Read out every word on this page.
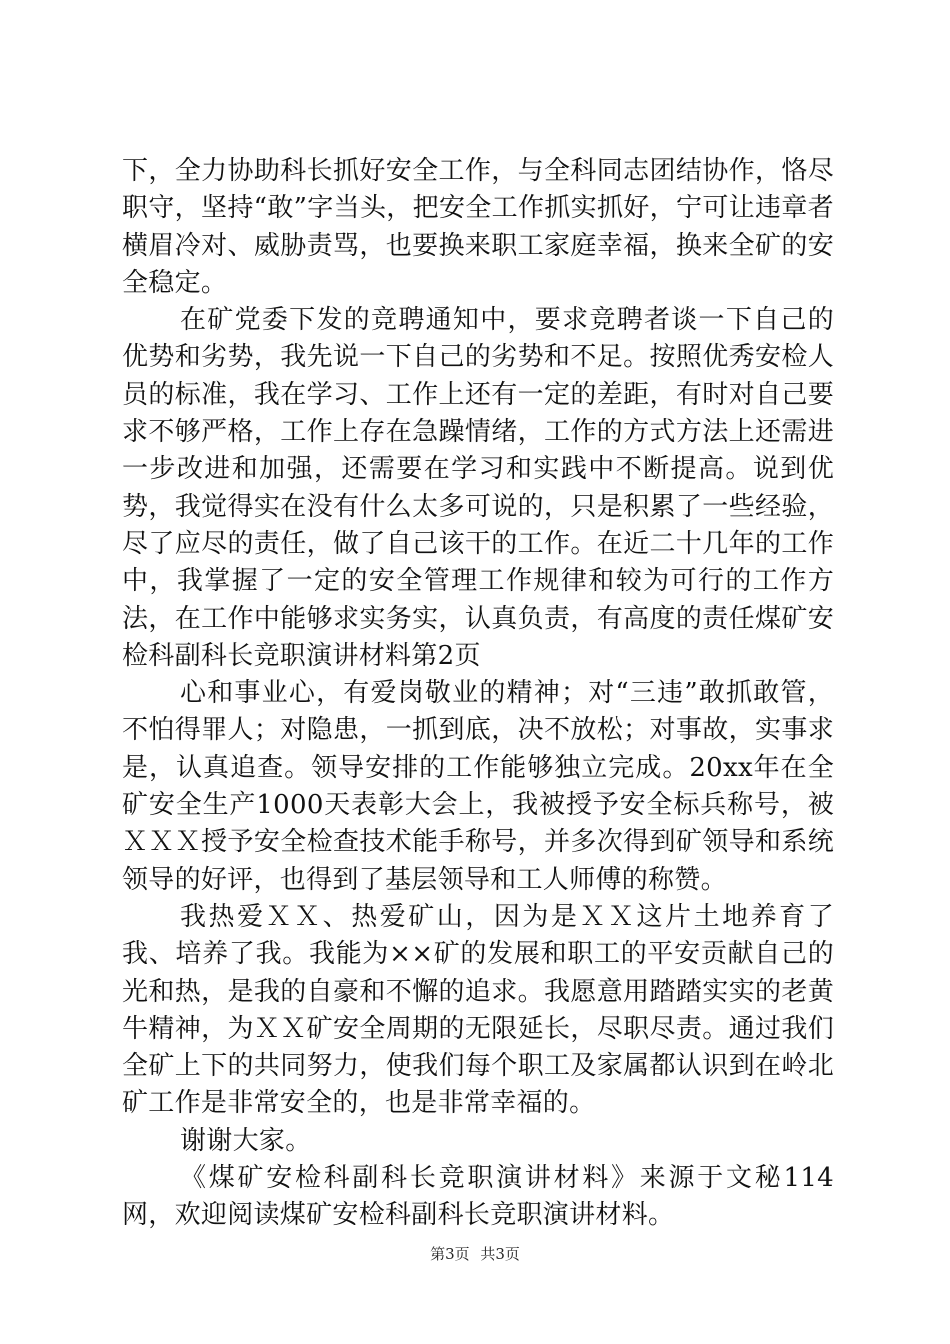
下，全力协助科长抓好安全工作，与全科同志团结协作，恪尽职守，坚持“敢”字当头，把安全工作抓实抓好，宁可让违章者横眉冷对、威胁责骂，也要换来职工家庭幸福，换来全矿的安全稳定。

在矿党委下发的竞聘通知中，要求竞聘者谈一下自己的优势和劣势，我先说一下自己的劣势和不足。按照优秀安检人员的标准，我在学习、工作上还有一定的差距，有时对自己要求不够严格，工作上存在急躁情绪，工作的方式方法上还需进一步改进和加强，还需要在学习和实践中不断提高。说到优势，我觉得实在没有什么太多可说的，只是积累了一些经验，尽了应尽的责任，做了自己该干的工作。在近二十几年的工作中，我掌握了一定的安全管理工作规律和较为可行的工作方法，在工作中能够求实务实，认真负责，有高度的责任煤矿安检科副科长竞职演讲材料第2页

心和事业心，有爱岗敬业的精神；对“三违”敢抓敢管，不怕得罪人；对隐患，一抓到底，决不放松；对事故，实事求是，认真追查。领导安排的工作能够独立完成。20xx年在全矿安全生产1000天表彰大会上，我被授予安全标兵称号，被ＸＸＸ授予安全检查技术能手称号，并多次得到矿领导和系统领导的好评，也得到了基层领导和工人师傅的称赞。

我热爱ＸＸ、热爱矿山，因为是ＸＸ这片土地养育了我、培养了我。我能为××矿的发展和职工的平安贡献自己的光和热，是我的自豪和不懈的追求。我愿意用踏踏实实的老黄牛精神，为ＸＸ矿安全周期的无限延长，尽职尽责。通过我们全矿上下的共同努力，使我们每个职工及家属都认识到在岭北矿工作是非常安全的，也是非常幸福的。

谢谢大家。

《煤矿安检科副科长竞职演讲材料》来源于文秘114网，欢迎阅读煤矿安检科副科长竞职演讲材料。

第3页 共3页
